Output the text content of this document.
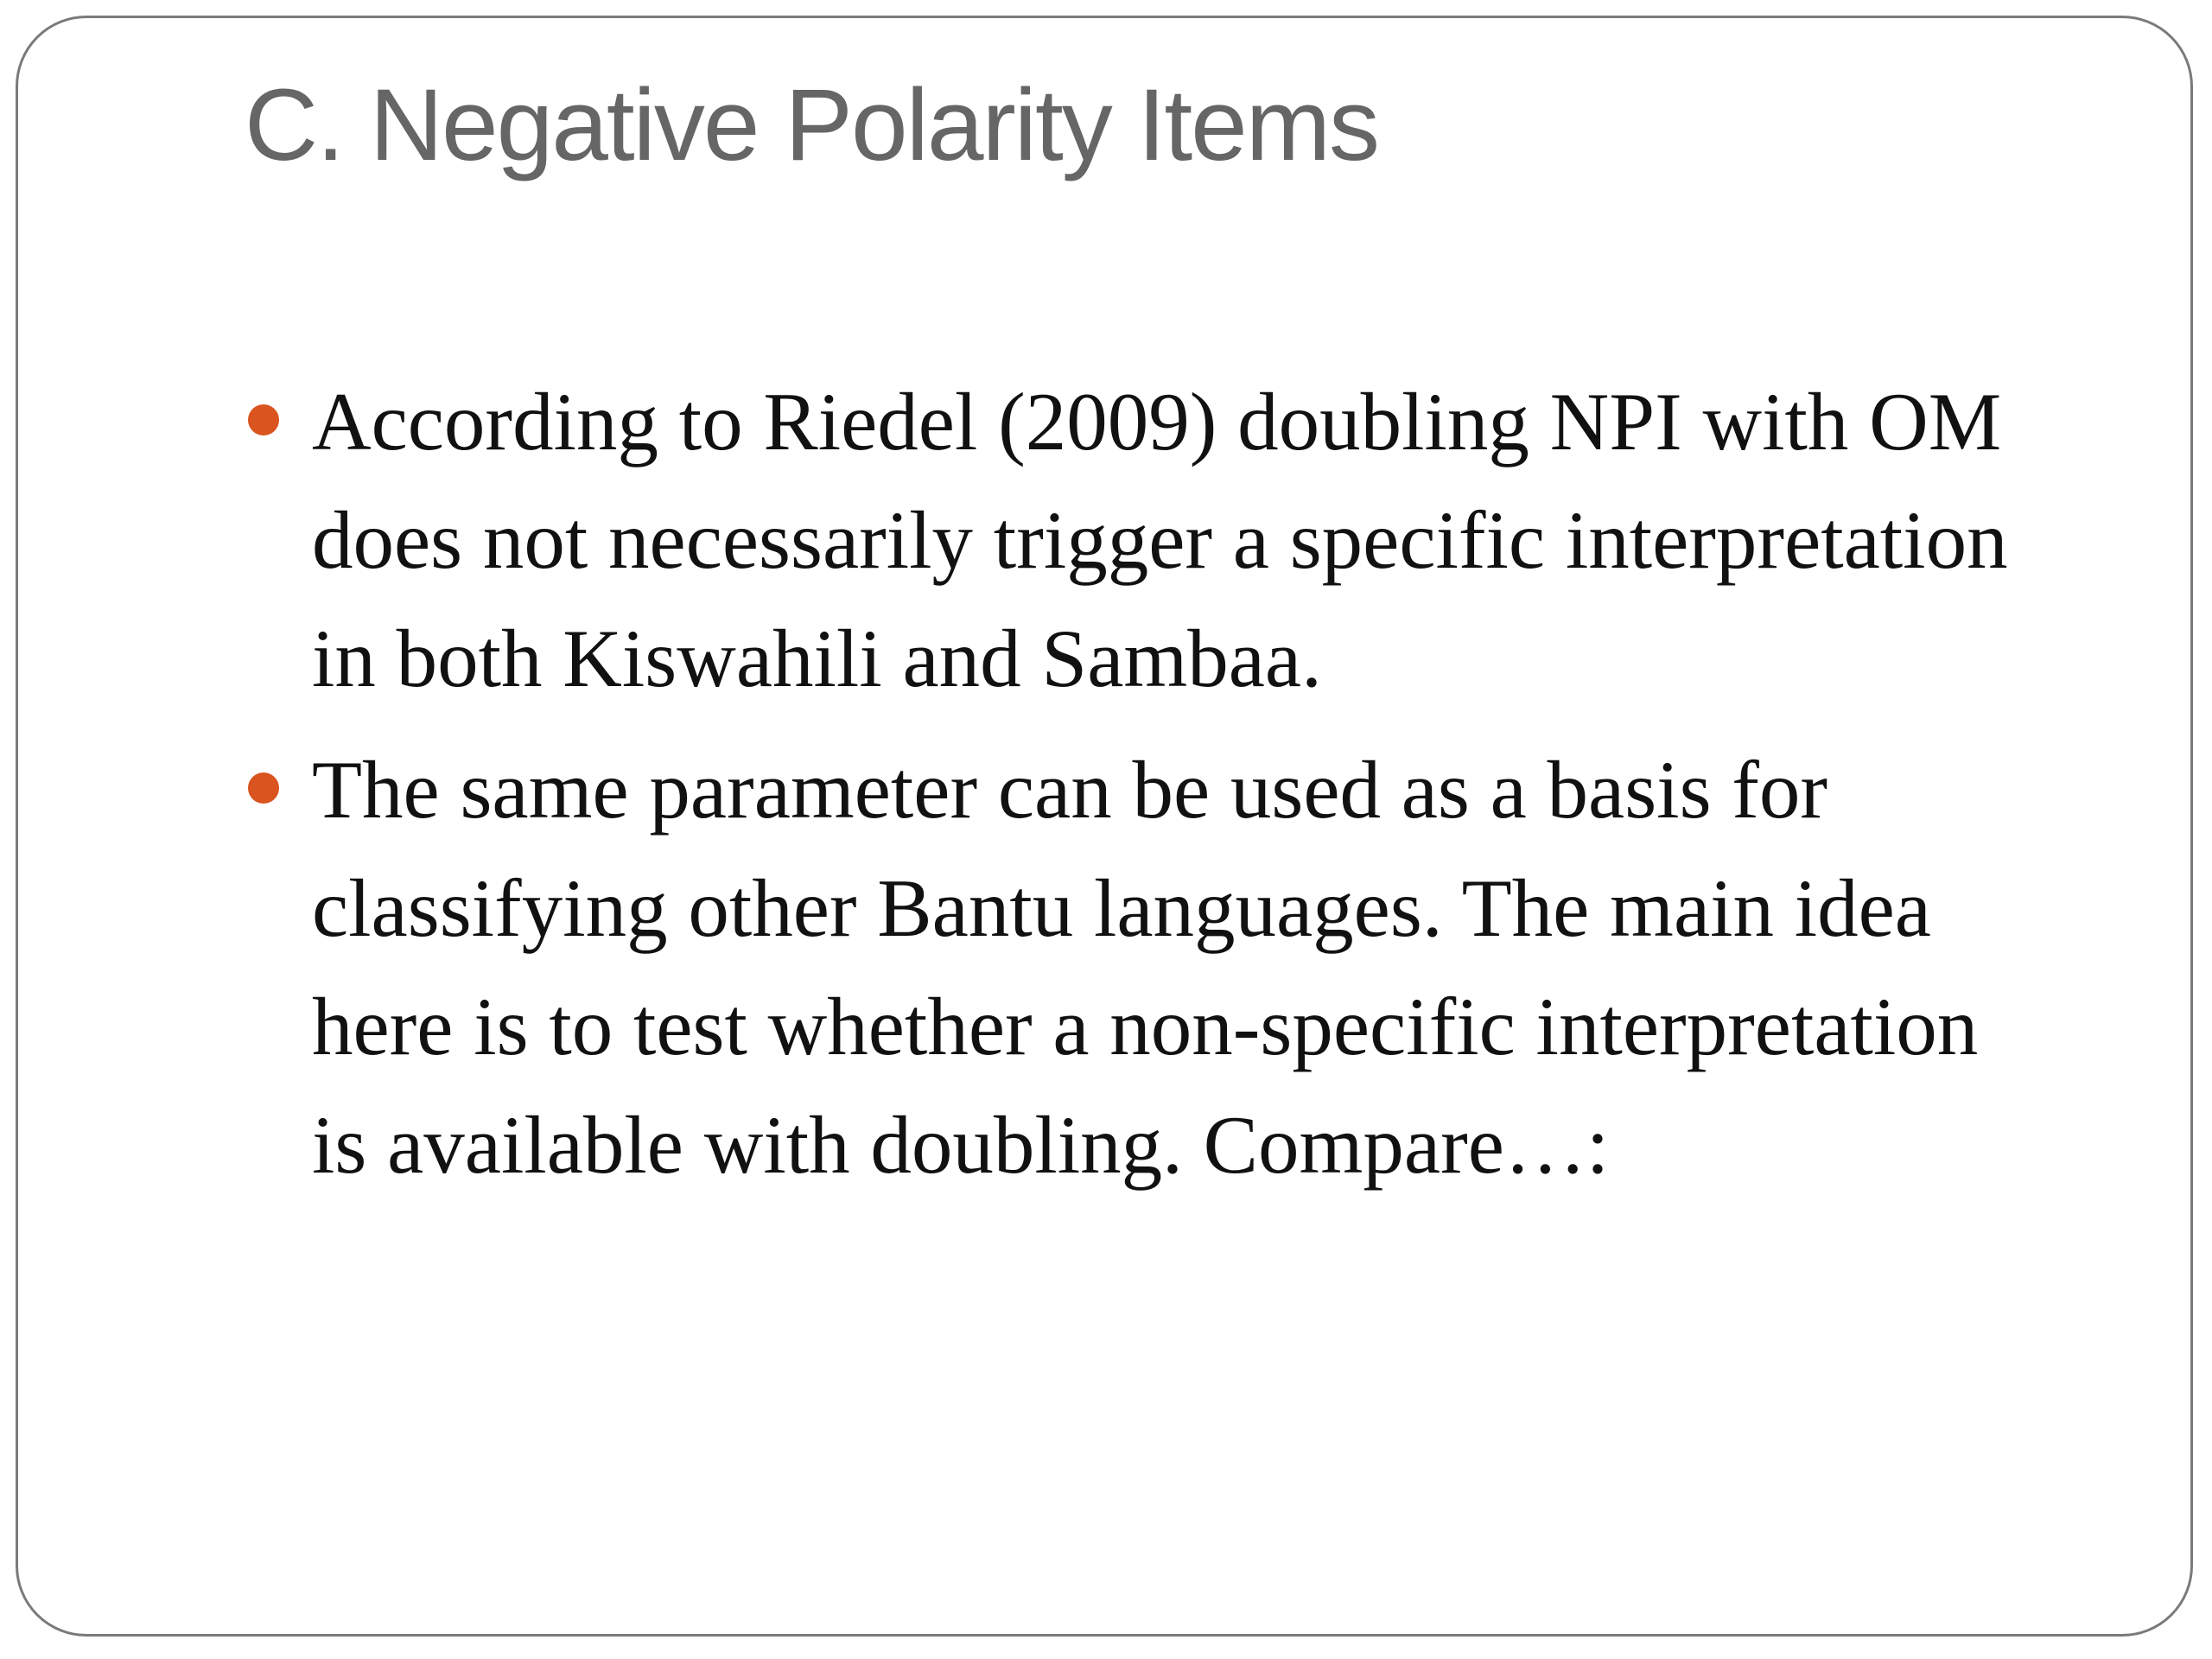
C. Negative Polarity Items
According to Riedel (2009) doubling NPI with OM does not necessarily trigger a specific interpretation in both Kiswahili and Sambaa.
The same parameter can be used as a basis for classifying other Bantu languages. The main idea here is to test whether a non-specific interpretation is available with doubling. Compare…:
